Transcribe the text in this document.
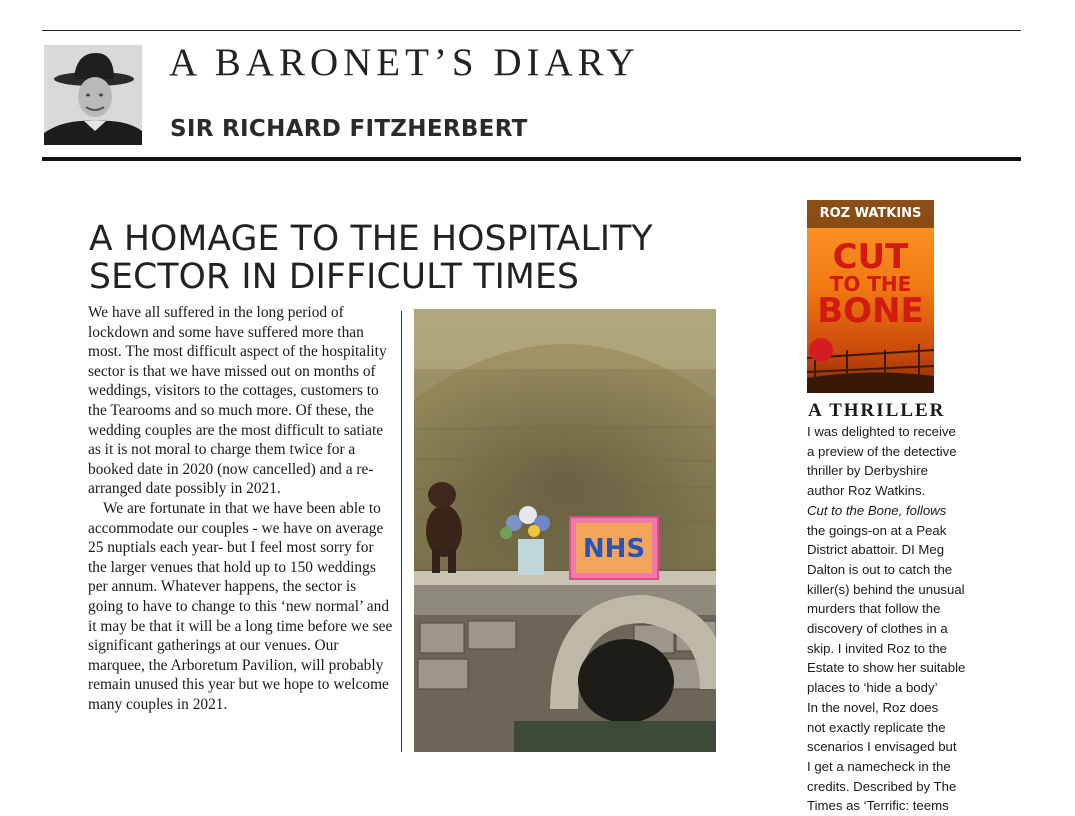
A BARONET’S DIARY
SIR RICHARD FITZHERBERT
A HOMAGE TO THE HOSPITALITY SECTOR IN DIFFICULT TIMES

We have all suffered in the long period of lockdown and some have suffered more than most. The most difficult aspect of the hospitality sector is that we have missed out on months of weddings, visitors to the cottages, customers to the Tearooms and so much more. Of these, the wedding couples are the most difficult to satiate as it is not moral to charge them twice for a booked date in 2020 (now cancelled) and a re-arranged date possibly in 2021.

We are fortunate in that we have been able to accommodate our couples - we have on average 25 nuptials each year- but I feel most sorry for the larger venues that hold up to 150 weddings per annum. Whatever happens, the sector is going to have to change to this ‘new normal’ and it may be that it will be a long time before we see significant gatherings at our venues. Our marquee, the Arboretum Pavilion, will probably remain unused this year but we hope to welcome many couples in 2021.

NHS
ROZ WATKINS
CUT
TO THE
BONE
A THRILLER

I was delighted to receive

a preview of the detective

thriller by Derbyshire

author Roz Watkins.

Cut to the Bone, follows

the goings-on at a Peak

District abattoir. DI Meg

Dalton is out to catch the

killer(s) behind the unusual

murders that follow the

discovery of clothes in a

skip. I invited Roz to the

Estate to show her suitable

places to ‘hide a body’

In the novel, Roz does

not exactly replicate the

scenarios I envisaged but

I get a namecheck in the

credits. Described by The

Times as ‘Terrific: teems
